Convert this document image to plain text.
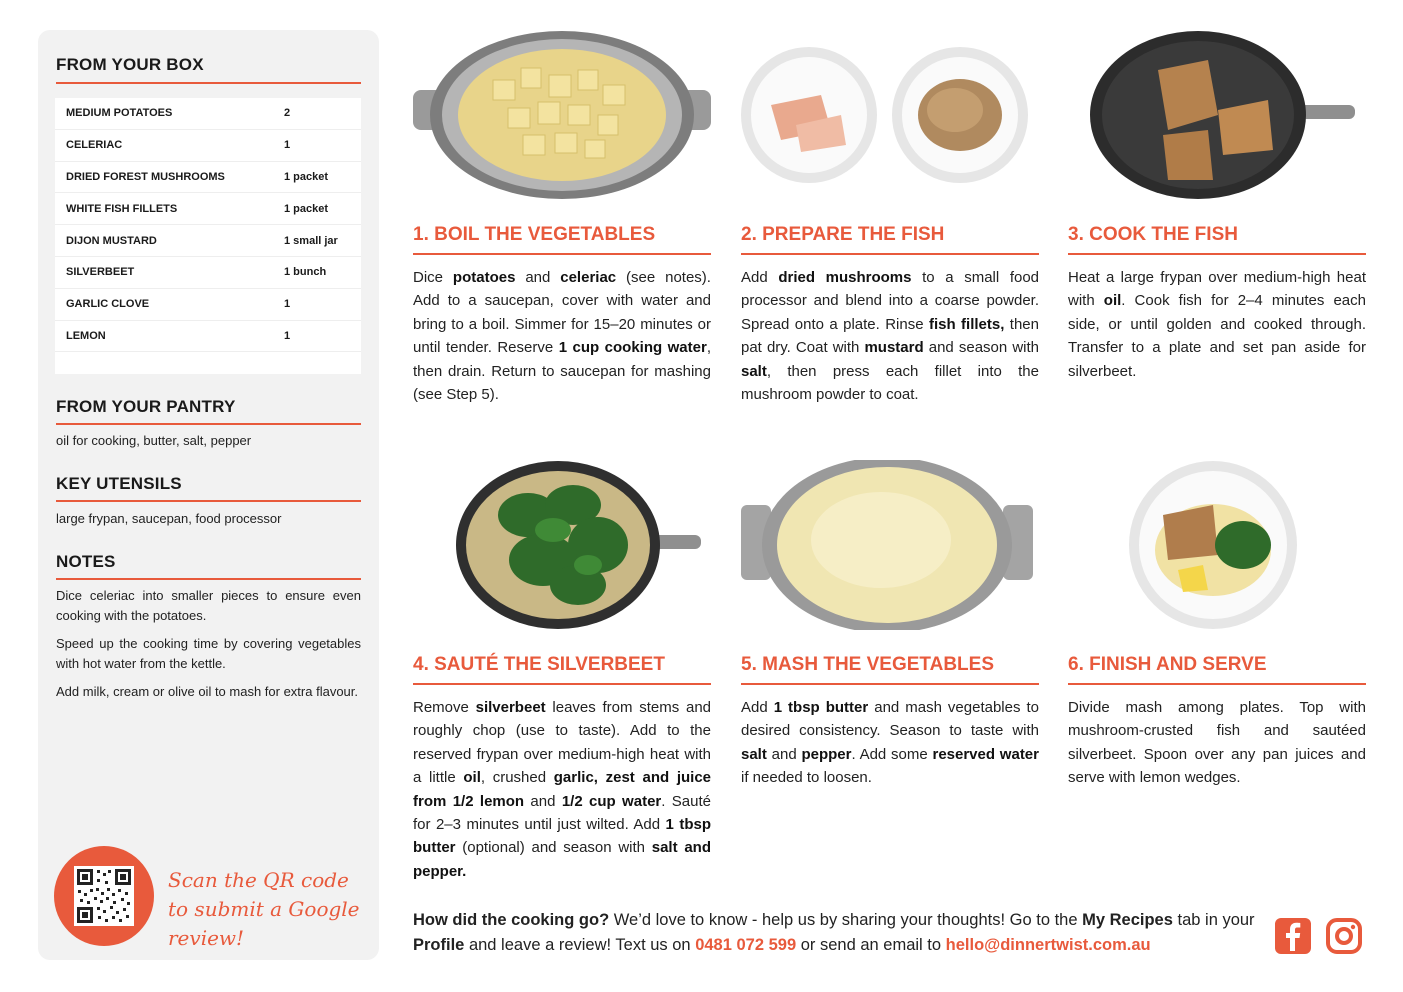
FROM YOUR BOX
MEDIUM POTATOES	2
CELERIAC	1
DRIED FOREST MUSHROOMS	1 packet
WHITE FISH FILLETS	1 packet
DIJON MUSTARD	1 small jar
SILVERBEET	1 bunch
GARLIC CLOVE	1
LEMON	1
FROM YOUR PANTRY
oil for cooking, butter, salt, pepper
KEY UTENSILS
large frypan, saucepan, food processor
NOTES

Dice celeriac into smaller pieces to ensure even cooking with the potatoes.

Speed up the cooking time by covering vegetables with hot water from the kettle.

Add milk, cream or olive oil to mash for extra flavour.

Scan the QR code to submit a Google review!
1. BOIL THE VEGETABLES
Dice potatoes and celeriac (see notes). Add to a saucepan, cover with water and bring to a boil. Simmer for 15–20 minutes or until tender. Reserve 1 cup cooking water, then drain. Return to saucepan for mashing (see Step 5).
2. PREPARE THE FISH
Add dried mushrooms to a small food processor and blend into a coarse powder. Spread onto a plate. Rinse fish fillets, then pat dry. Coat with mustard and season with salt, then press each fillet into the mushroom powder to coat.
3. COOK THE FISH
Heat a large frypan over medium-high heat with oil. Cook fish for 2–4 minutes each side, or until golden and cooked through. Transfer to a plate and set pan aside for silverbeet.
4. SAUTÉ THE SILVERBEET
Remove silverbeet leaves from stems and roughly chop (use to taste). Add to the reserved frypan over medium-high heat with a little oil, crushed garlic, zest and juice from 1/2 lemon and 1/2 cup water. Sauté for 2–3 minutes until just wilted. Add 1 tbsp butter (optional) and season with salt and pepper.
5. MASH THE VEGETABLES
Add 1 tbsp butter and mash vegetables to desired consistency. Season to taste with salt and pepper. Add some reserved water if needed to loosen.
6. FINISH AND SERVE
Divide mash among plates. Top with mushroom-crusted fish and sautéed silverbeet. Spoon over any pan juices and serve with lemon wedges.
How did the cooking go? We’d love to know - help us by sharing your thoughts! Go to the My Recipes tab in your Profile and leave a review! Text us on 0481 072 599 or send an email to hello@dinnertwist.com.au
